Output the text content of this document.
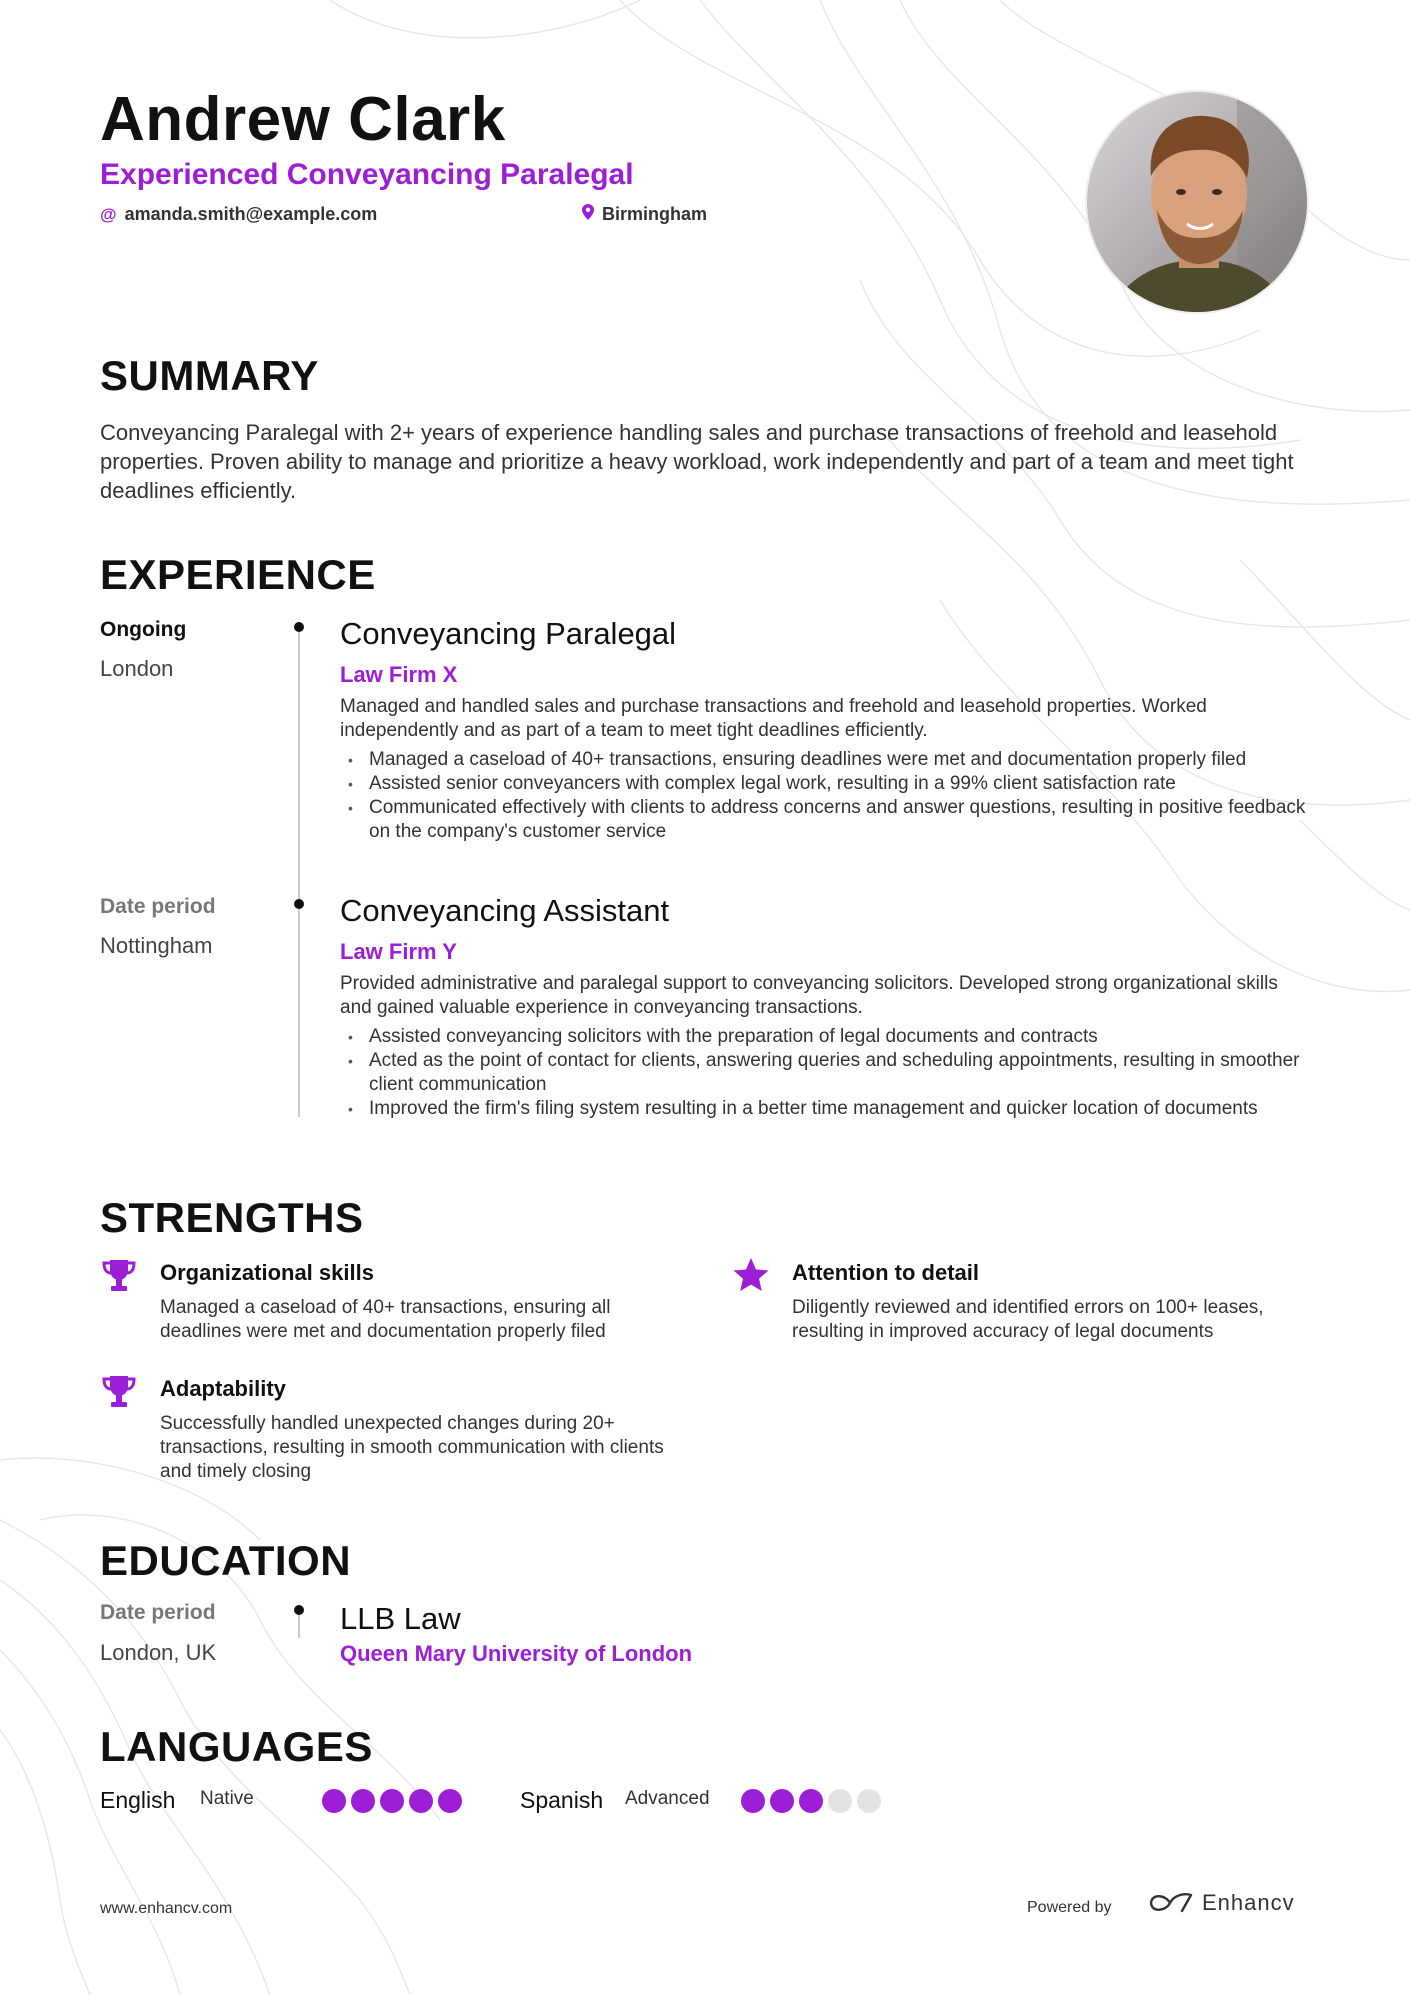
Andrew Clark
Experienced Conveyancing Paralegal
@ amanda.smith@example.com	Birmingham
SUMMARY
Conveyancing Paralegal with 2+ years of experience handling sales and purchase transactions of freehold and leasehold properties. Proven ability to manage and prioritize a heavy workload, work independently and part of a team and meet tight deadlines efficiently.
EXPERIENCE
Ongoing
London
Conveyancing Paralegal
Law Firm X
Managed and handled sales and purchase transactions and freehold and leasehold properties. Worked independently and as part of a team to meet tight deadlines efficiently.
• Managed a caseload of 40+ transactions, ensuring deadlines were met and documentation properly filed
• Assisted senior conveyancers with complex legal work, resulting in a 99% client satisfaction rate
• Communicated effectively with clients to address concerns and answer questions, resulting in positive feedback on the company's customer service
Date period
Nottingham
Conveyancing Assistant
Law Firm Y
Provided administrative and paralegal support to conveyancing solicitors. Developed strong organizational skills and gained valuable experience in conveyancing transactions.
• Assisted conveyancing solicitors with the preparation of legal documents and contracts
• Acted as the point of contact for clients, answering queries and scheduling appointments, resulting in smoother client communication
• Improved the firm's filing system resulting in a better time management and quicker location of documents
STRENGTHS
Organizational skills
Managed a caseload of 40+ transactions, ensuring all deadlines were met and documentation properly filed
Attention to detail
Diligently reviewed and identified errors on 100+ leases, resulting in improved accuracy of legal documents
Adaptability
Successfully handled unexpected changes during 20+ transactions, resulting in smooth communication with clients and timely closing
EDUCATION
Date period
London, UK
LLB Law
Queen Mary University of London
LANGUAGES
English Native	Spanish Advanced
www.enhancv.com	Powered by	Enhancv
